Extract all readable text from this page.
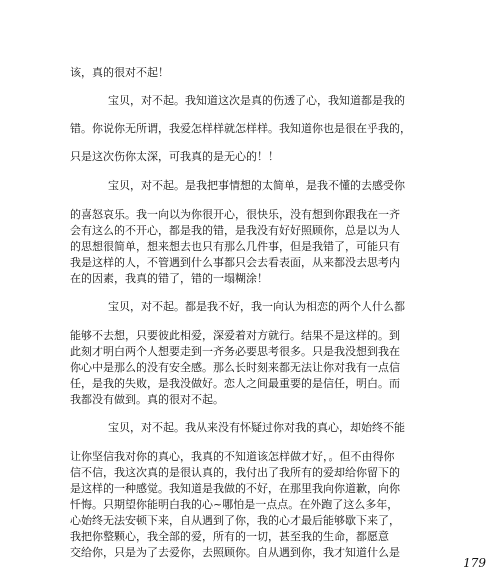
该，真的很对不起！
宝贝，对不起。我知道这次是真的伤透了心，我知道都是我的
错。你说你无所谓，我爱怎样样就怎样样。我知道你也是很在乎我的，
只是这次伤你太深，可我真的是无心的！！
宝贝，对不起。是我把事情想的太简单，是我不懂的去感受你
的喜怒哀乐。我一向以为你很开心，很快乐，没有想到你跟我在一齐
会有这么的不开心，都是我的错，是我没有好好照顾你，总是以为人
的思想很简单，想来想去也只有那么几件事，但是我错了，可能只有
我是这样的人，不管遇到什么事都只会去看表面，从来都没去思考内
在的因素，我真的错了，错的一塌糊涂！
宝贝，对不起。都是我不好，我一向认为相恋的两个人什么都
能够不去想，只要彼此相爱，深爱着对方就行。结果不是这样的。到
此刻才明白两个人想要走到一齐务必要思考很多。只是我没想到我在
你心中是那么的没有安全感。那么长时刻来都无法让你对我有一点信
任，是我的失败，是我没做好。恋人之间最重要的是信任，明白。而
我都没有做到。真的很对不起。
宝贝，对不起。我从来没有怀疑过你对我的真心，却始终不能
让你坚信我对你的真心，我真的不知道该怎样做才好，。但不由得你
信不信，我这次真的是很认真的，我付出了我所有的爱却给你留下的
是这样的一种感觉。我知道是我做的不好，在那里我向你道歉，向你
忏悔。只期望你能明白我的心~哪怕是一点点。在外跑了这么多年，
心始终无法安顿下来，自从遇到了你，我的心才最后能够歇下来了，
我把你整颗心，我全部的爱，所有的一切，甚至我的生命，都愿意
交给你，只是为了去爱你，去照顾你。自从遇到你，我才知道什么是
179
